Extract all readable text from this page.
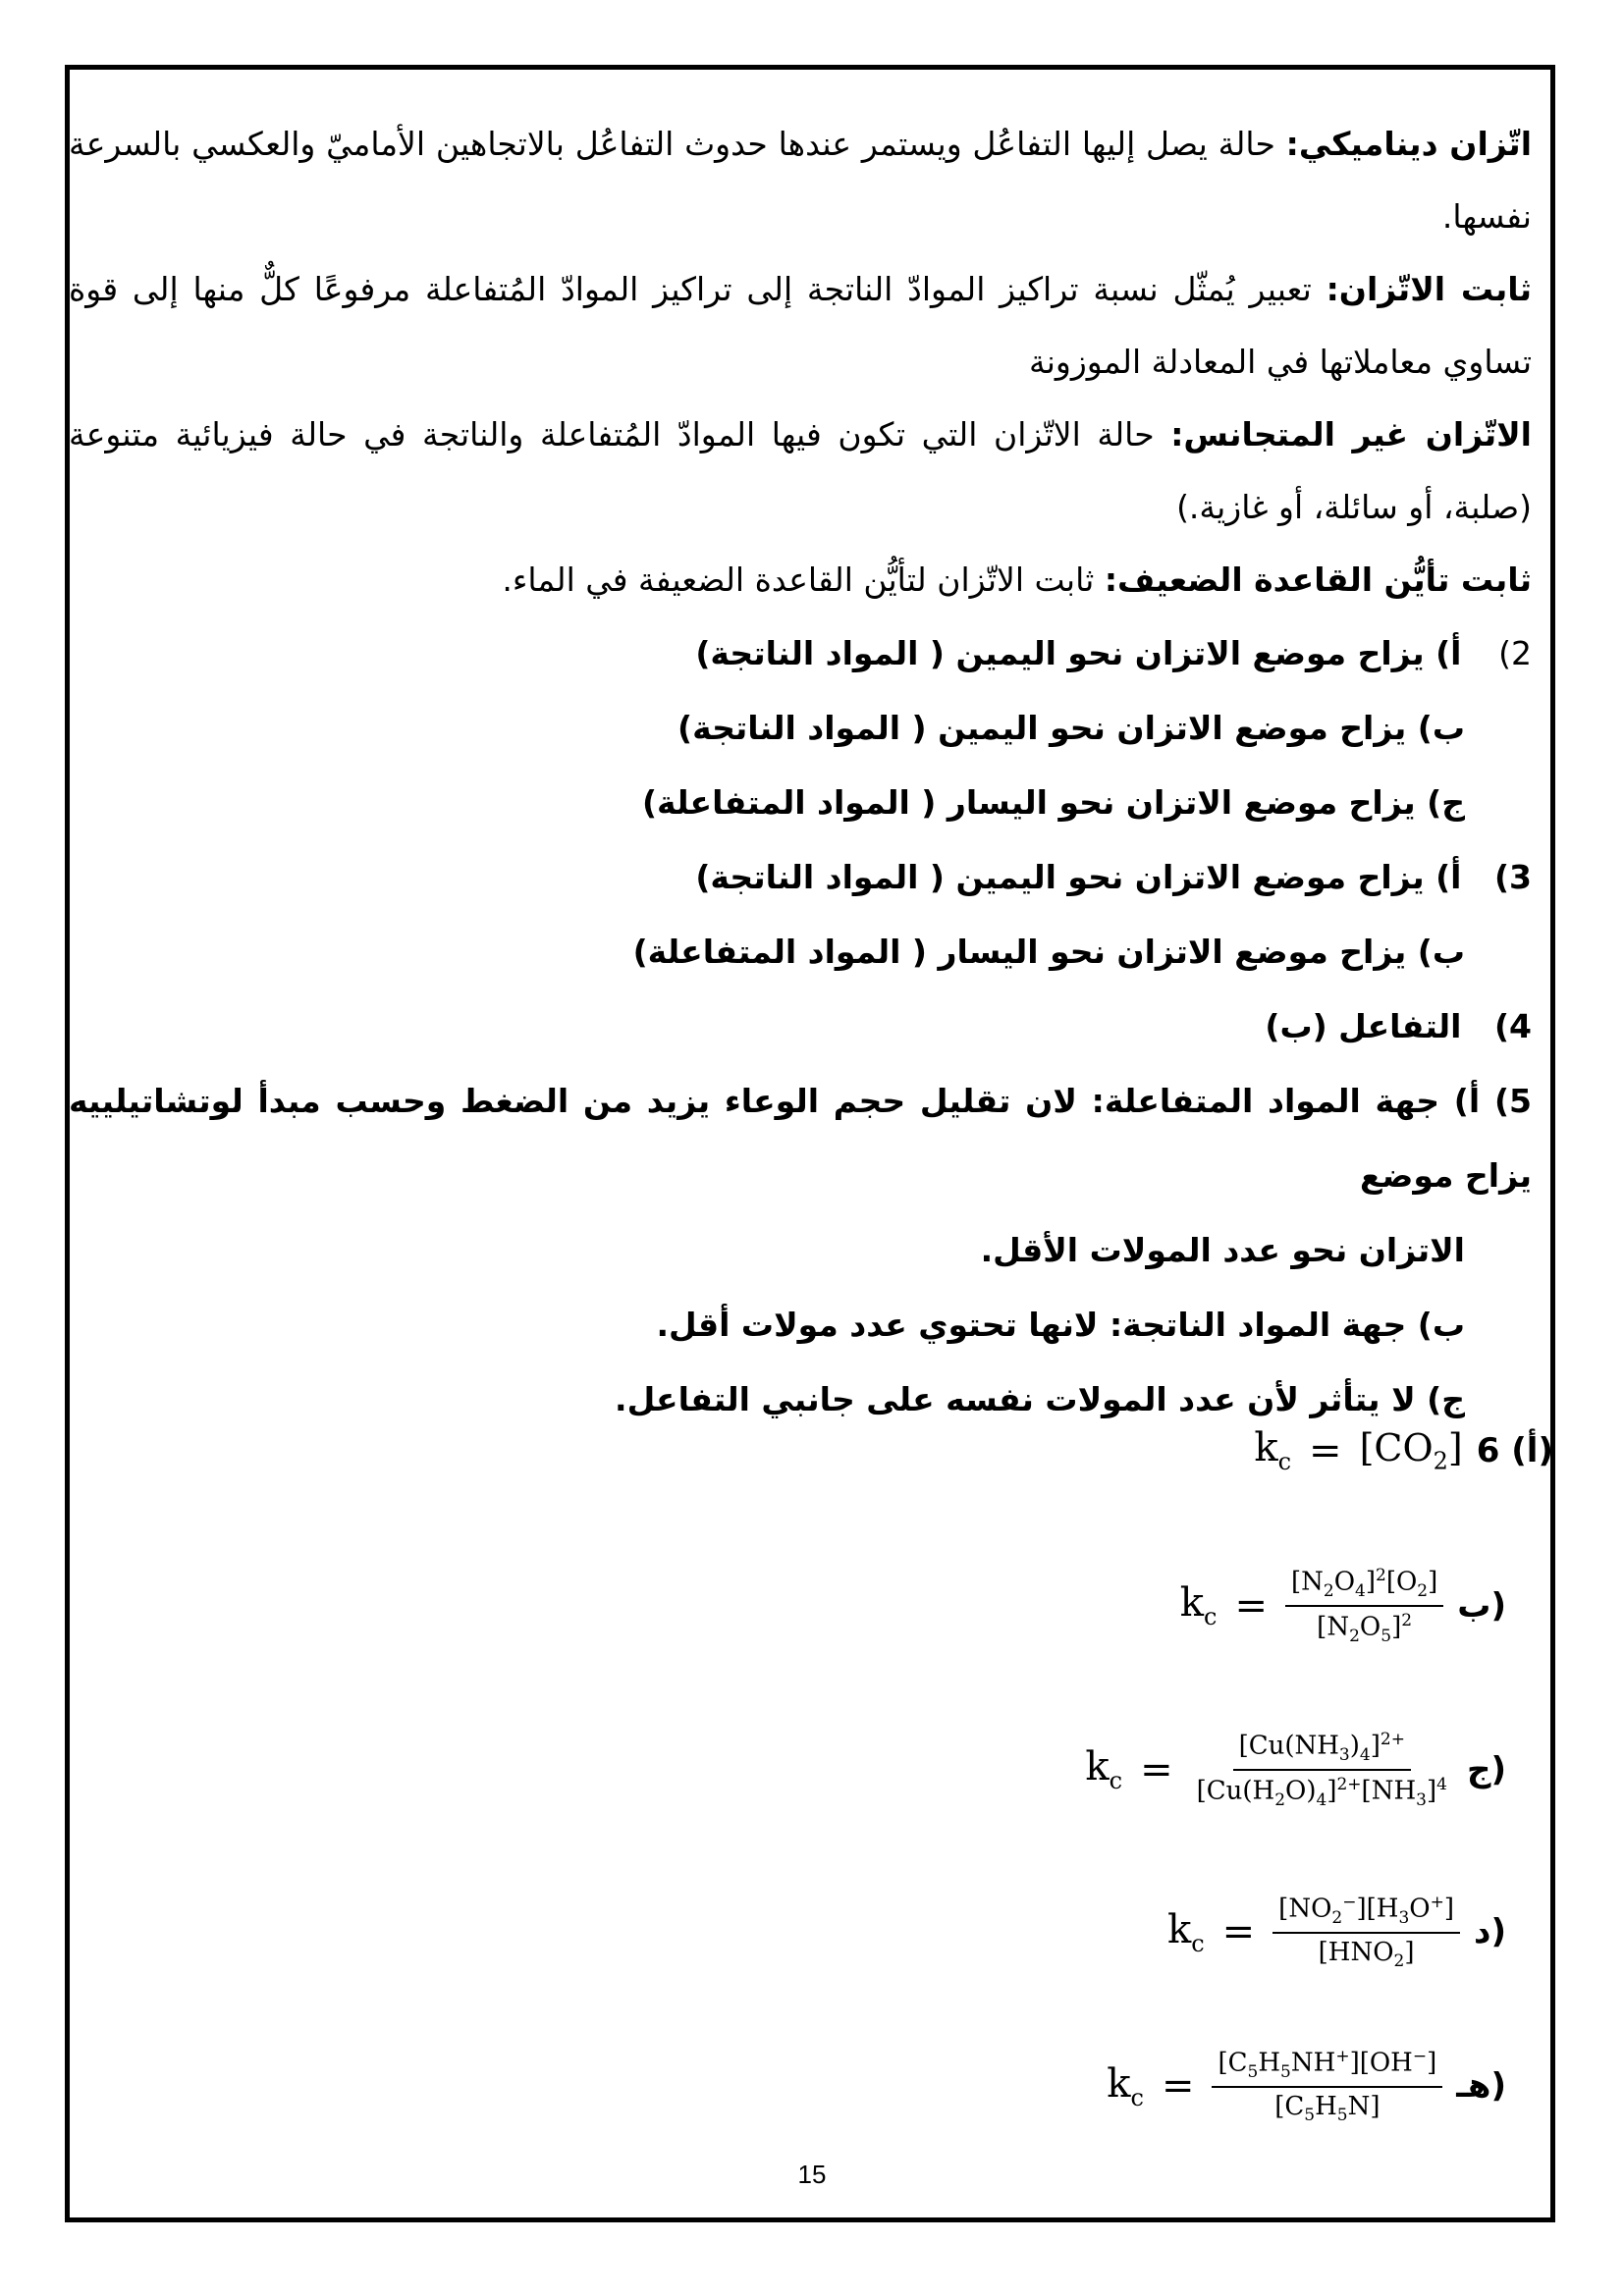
اتّزان ديناميكي: حالة يصل إليها التفاعُل ويستمر عندها حدوث التفاعُل بالاتجاهين الأماميّ والعكسي بالسرعة نفسها.

ثابت الاتّزان: تعبير يُمثّل نسبة تراكيز الموادّ الناتجة إلى تراكيز الموادّ المُتفاعلة مرفوعًا كلٌّ منها إلى قوة تساوي معاملاتها في المعادلة الموزونة

الاتّزان غير المتجانس: حالة الاتّزان التي تكون فيها الموادّ المُتفاعلة والناتجة في حالة فيزيائية متنوعة (صلبة، أو سائلة، أو غازية.)

ثابت تأيُّن القاعدة الضعيف: ثابت الاتّزان لتأيُّن القاعدة الضعيفة في الماء.

2) أ) يزاح موضع الاتزان نحو اليمين ( المواد الناتجة)

ب) يزاح موضع الاتزان نحو اليمين ( المواد الناتجة)

ج) يزاح موضع الاتزان نحو اليسار ( المواد المتفاعلة)

3) أ) يزاح موضع الاتزان نحو اليمين ( المواد الناتجة)

ب) يزاح موضع الاتزان نحو اليسار ( المواد المتفاعلة)

4) التفاعل (ب)

5) أ) جهة المواد المتفاعلة: لان تقليل حجم الوعاء يزيد من الضغط وحسب مبدأ لوتشاتيلييه يزاح موضع
الاتزان نحو عدد المولات الأقل.

ب) جهة المواد الناتجة: لانها تحتوي عدد مولات أقل.

ج) لا يتأثر لأن عدد المولات نفسه على جانبي التفاعل.

$k_c = [CO_2]$	أ) 6)
$k_c = \frac{[N_2O_4]^2[O_2]}{[N_2O_5]^2}$ ب)
$k_c = \frac{[Cu(NH_3)_4]^{2+}}{[Cu(H_2O)_4]^{2+}[NH_3]^4}$ ج)
$k_c = \frac{[NO_2^-][H_3O^+]}{[HNO_2]}$ د)
$k_c = \frac{[C_5H_5NH^+][OH^-]}{[C_5H_5N]}$ هـ)
15
